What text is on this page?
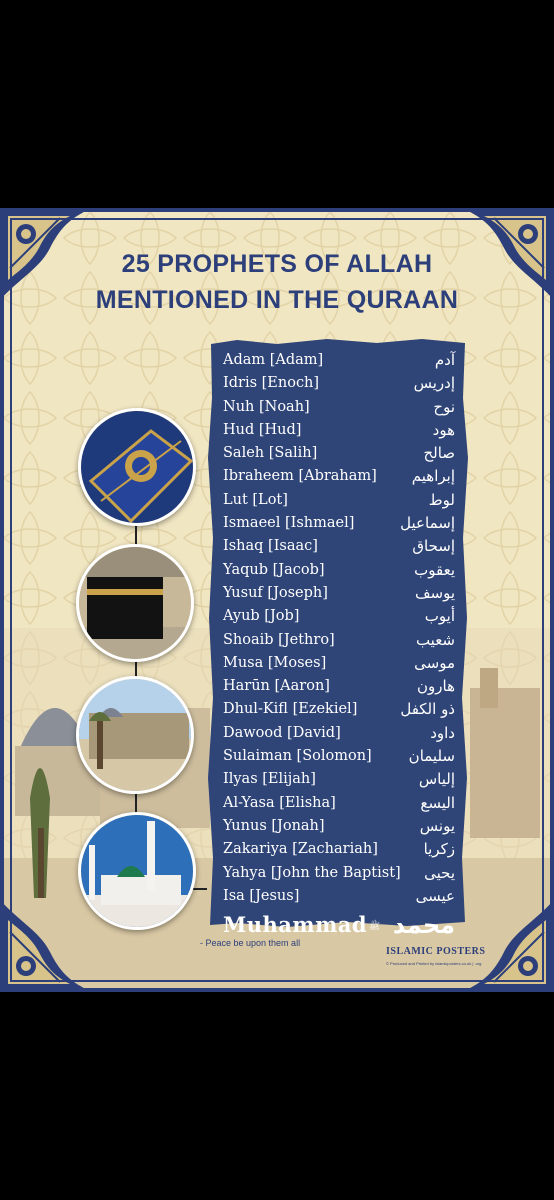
25 PROPHETS OF ALLAH
MENTIONED IN THE QURAAN
Adam [Adam]	آدم
Idris [Enoch]	إدريس
Nuh [Noah]	نوح
Hud [Hud]	هود
Saleh [Salih]	صالح
Ibraheem [Abraham] إبراهيم
Lut [Lot]	لوط
Ismaeel [Ishmael]	إسماعيل
Ishaq [Isaac]	إسحاق
Yaqub [Jacob]	يعقوب
Yusuf [Joseph]	يوسف
Ayub [Job]	أيوب
Shoaib [Jethro]	شعيب
Musa [Moses]	موسى
Harūn [Aaron]	هارون
Dhul-Kifl [Ezekiel]	ذو الكفل
Dawood [David]	داود
Sulaiman [Solomon] سليمان
Ilyas [Elijah]	إلياس
Al-Yasa [Elisha]	اليسع
Yunus [Jonah]	يونس
Zakariya [Zachariah]	زكريا
Yahya [John the Baptist] يحيى
Isa [Jesus]	عيسى
Muhammad ﷺ محمد
- Peace be upon them all
ISLAMIC POSTERS
© Produced and Printed by islamicposters.co.uk | .org
